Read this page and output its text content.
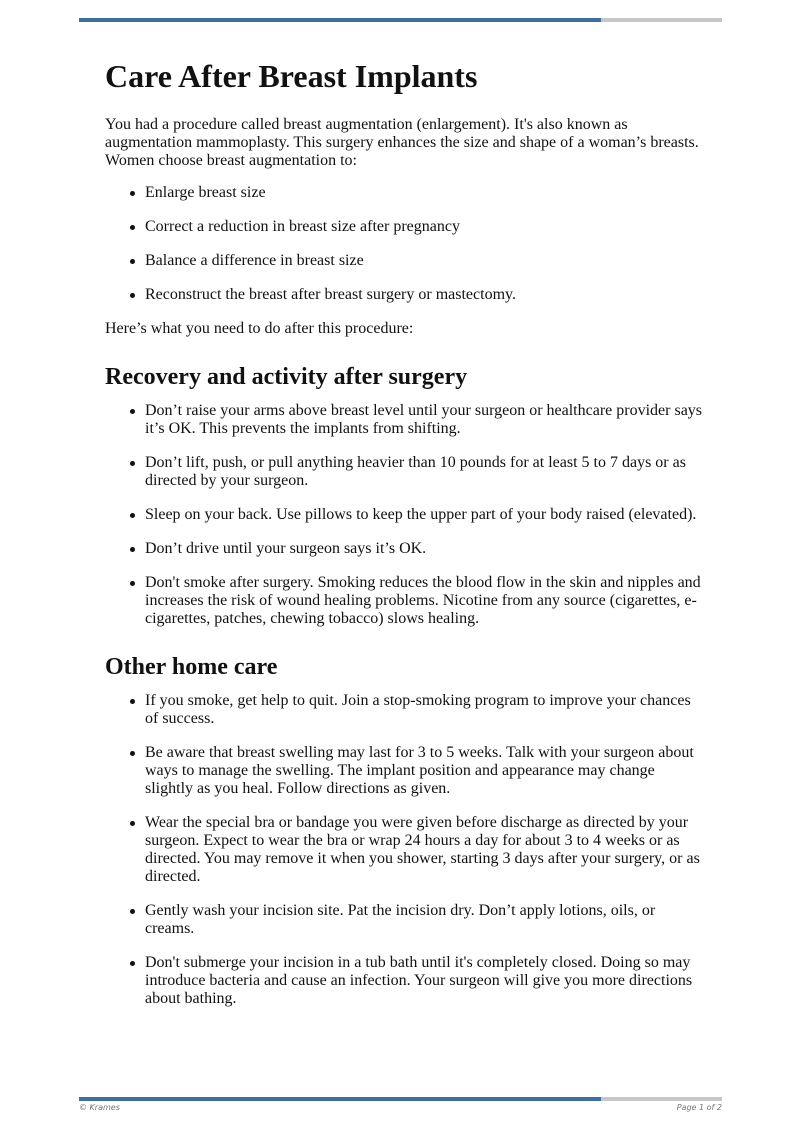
Care After Breast Implants

You had a procedure called breast augmentation (enlargement). It's also known as augmentation mammoplasty. This surgery enhances the size and shape of a woman’s breasts. Women choose breast augmentation to:

Enlarge breast size
Correct a reduction in breast size after pregnancy
Balance a difference in breast size
Reconstruct the breast after breast surgery or mastectomy.

Here’s what you need to do after this procedure:

Recovery and activity after surgery
Don’t raise your arms above breast level until your surgeon or healthcare provider says it’s OK. This prevents the implants from shifting.
Don’t lift, push, or pull anything heavier than 10 pounds for at least 5 to 7 days or as directed by your surgeon.
Sleep on your back. Use pillows to keep the upper part of your body raised (elevated).
Don’t drive until your surgeon says it’s OK.
Don't smoke after surgery. Smoking reduces the blood flow in the skin and nipples and increases the risk of wound healing problems. Nicotine from any source (cigarettes, e-cigarettes, patches, chewing tobacco) slows healing.
Other home care
If you smoke, get help to quit. Join a stop-smoking program to improve your chances of success.
Be aware that breast swelling may last for 3 to 5 weeks. Talk with your surgeon about ways to manage the swelling. The implant position and appearance may change slightly as you heal. Follow directions as given.
Wear the special bra or bandage you were given before discharge as directed by your surgeon. Expect to wear the bra or wrap 24 hours a day for about 3 to 4 weeks or as directed. You may remove it when you shower, starting 3 days after your surgery, or as directed.
Gently wash your incision site. Pat the incision dry. Don’t apply lotions, oils, or creams.
Don't submerge your incision in a tub bath until it's completely closed. Doing so may introduce bacteria and cause an infection. Your surgeon will give you more directions about bathing.
© Krames	Page 1 of 2
